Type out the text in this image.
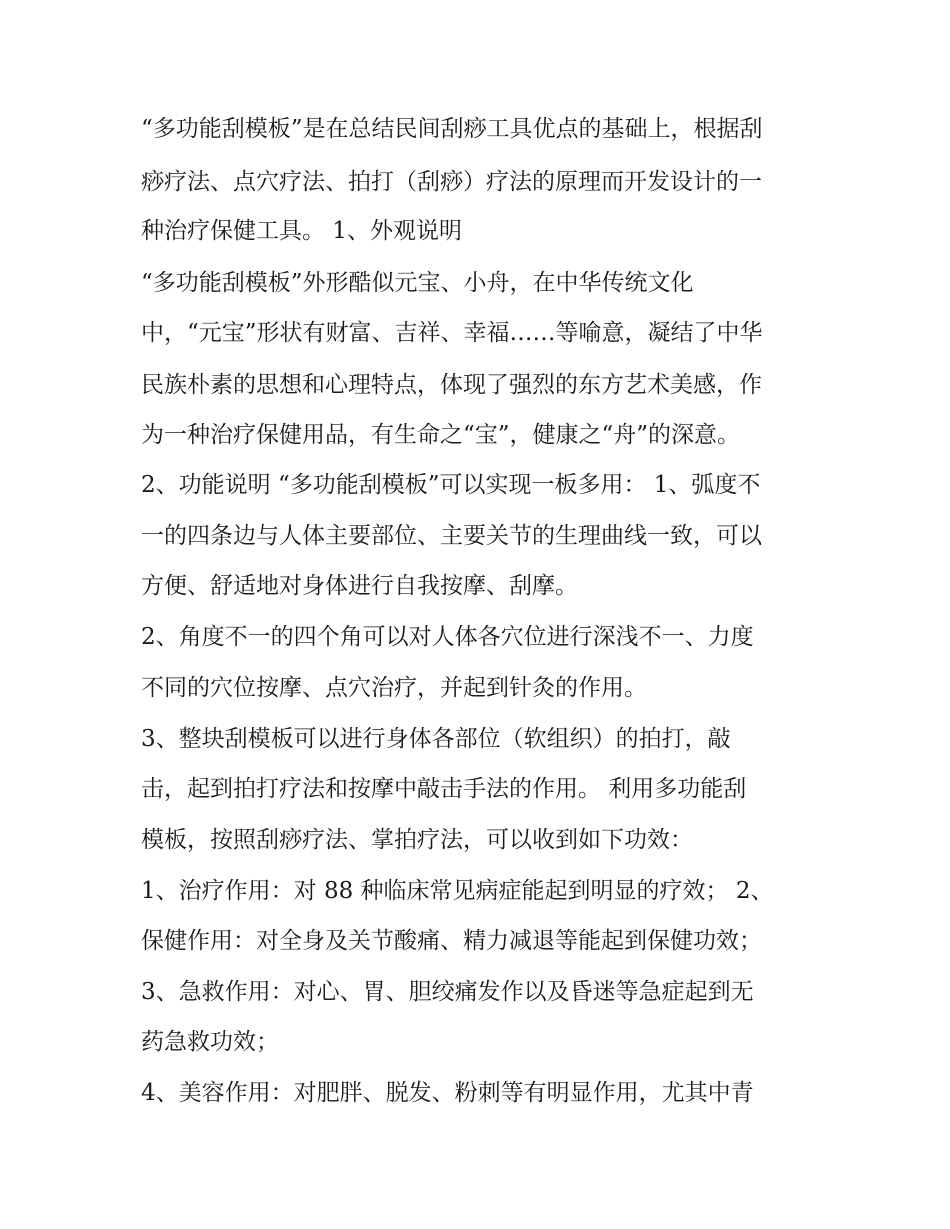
“多功能刮模板”是在总结民间刮痧工具优点的基础上，根据刮
痧疗法、点穴疗法、拍打（刮痧）疗法的原理而开发设计的一
种治疗保健工具。 1、外观说明
“多功能刮模板”外形酷似元宝、小舟，在中华传统文化
中，“元宝”形状有财富、吉祥、幸福……等喻意，凝结了中华
民族朴素的思想和心理特点，体现了强烈的东方艺术美感，作
为一种治疗保健用品，有生命之“宝”，健康之“舟”的深意。
2、功能说明 “多功能刮模板”可以实现一板多用： 1、弧度不
一的四条边与人体主要部位、主要关节的生理曲线一致，可以
方便、舒适地对身体进行自我按摩、刮摩。
2、角度不一的四个角可以对人体各穴位进行深浅不一、力度
不同的穴位按摩、点穴治疗，并起到针灸的作用。
3、整块刮模板可以进行身体各部位（软组织）的拍打，敲
击，起到拍打疗法和按摩中敲击手法的作用。 利用多功能刮
模板，按照刮痧疗法、掌拍疗法，可以收到如下功效：
1、治疗作用：对 88 种临床常见病症能起到明显的疗效； 2、
保健作用：对全身及关节酸痛、精力减退等能起到保健功效；
3、急救作用：对心、胃、胆绞痛发作以及昏迷等急症起到无
药急救功效；
4、美容作用：对肥胖、脱发、粉刺等有明显作用，尤其中青
